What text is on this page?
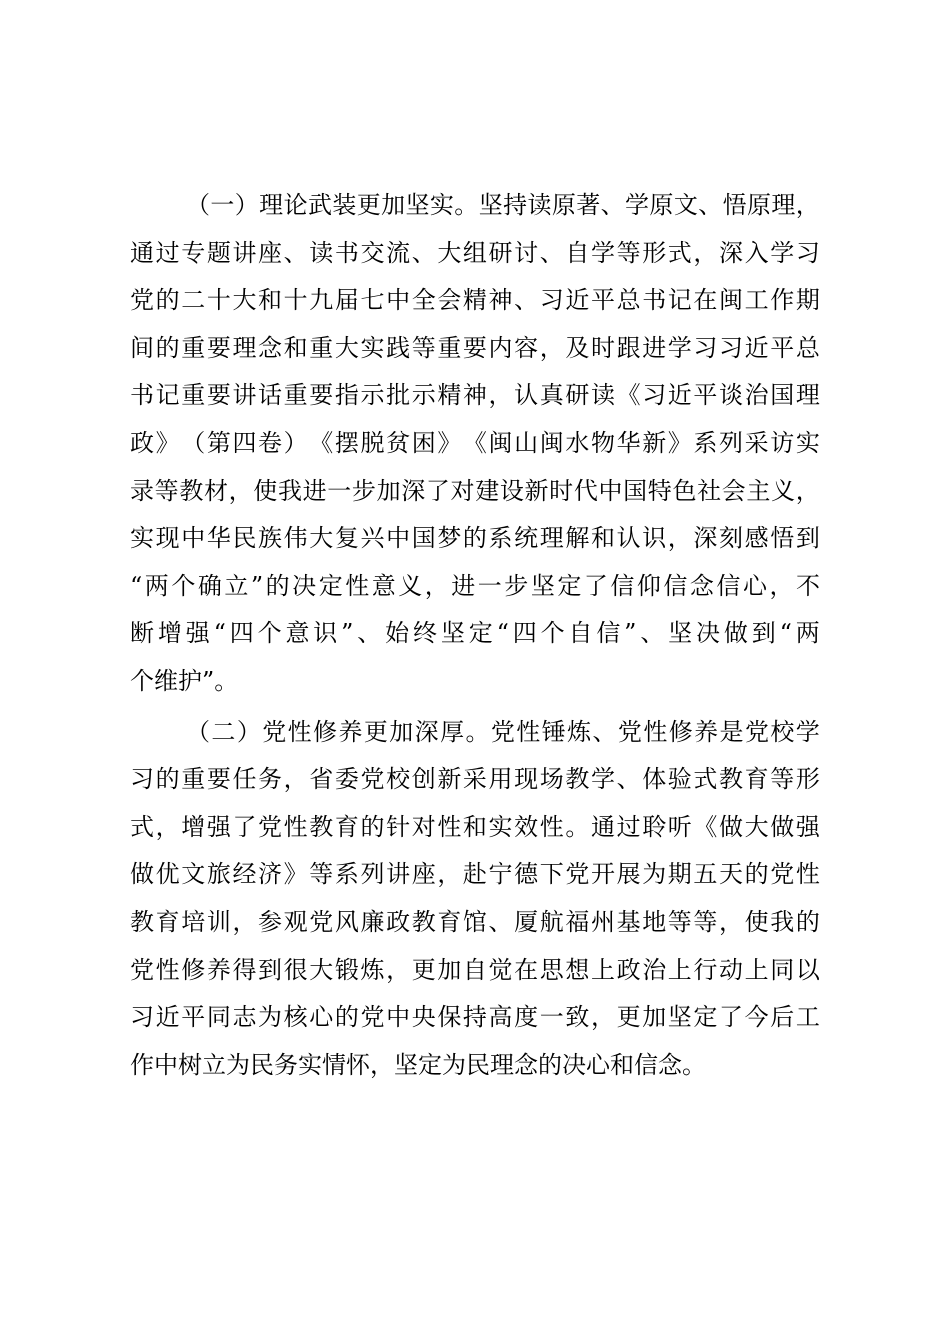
（ 一 ） 理 论 武 装 更 加 坚 实 。 坚 持 读 原 著 、 学 原 文 、 悟 原 理 ，
通 过 专 题 讲 座 、 读 书 交 流 、 大 组 研 讨 、 自 学 等 形 式 ， 深 入 学 习
党 的 二 十 大 和 十 九 届 七 中 全 会 精 神 、 习 近 平 总 书 记 在 闽 工 作 期
间 的 重 要 理 念 和 重 大 实 践 等 重 要 内 容 ， 及 时 跟 进 学 习 习 近 平 总
书 记 重 要 讲 话 重 要 指 示 批 示 精 神 ， 认 真 研 读 《 习 近 平 谈 治 国 理
政 》 （ 第 四 卷 ） 《 摆 脱 贫 困 》 《 闽 山 闽 水 物 华 新 》 系 列 采 访 实
录 等 教 材 ， 使 我 进 一 步 加 深 了 对 建 设 新 时 代 中 国 特 色 社 会 主 义 ，
实 现 中 华 民 族 伟 大 复 兴 中 国 梦 的 系 统 理 解 和 认 识 ， 深 刻 感 悟 到
“ 两 个 确 立 ” 的 决 定 性 意 义 ， 进 一 步 坚 定 了 信 仰 信 念 信 心 ， 不
断 增 强 “ 四 个 意 识 ” 、 始 终 坚 定 “ 四 个 自 信 ” 、 坚 决 做 到 “ 两
个维护”。
（ 二 ） 党 性 修 养 更 加 深 厚 。 党 性 锤 炼 、 党 性 修 养 是 党 校 学
习 的 重 要 任 务 ， 省 委 党 校 创 新 采 用 现 场 教 学 、 体 验 式 教 育 等 形
式 ， 增 强 了 党 性 教 育 的 针 对 性 和 实 效 性 。 通 过 聆 听 《 做 大 做 强
做 优 文 旅 经 济 》 等 系 列 讲 座 ， 赴 宁 德 下 党 开 展 为 期 五 天 的 党 性
教 育 培 训 ， 参 观 党 风 廉 政 教 育 馆 、 厦 航 福 州 基 地 等 等 ， 使 我 的
党 性 修 养 得 到 很 大 锻 炼 ， 更 加 自 觉 在 思 想 上 政 治 上 行 动 上 同 以
习 近 平 同 志 为 核 心 的 党 中 央 保 持 高 度 一 致 ， 更 加 坚 定 了 今 后 工
作中树立为民务实情怀，坚定为民理念的决心和信念。
